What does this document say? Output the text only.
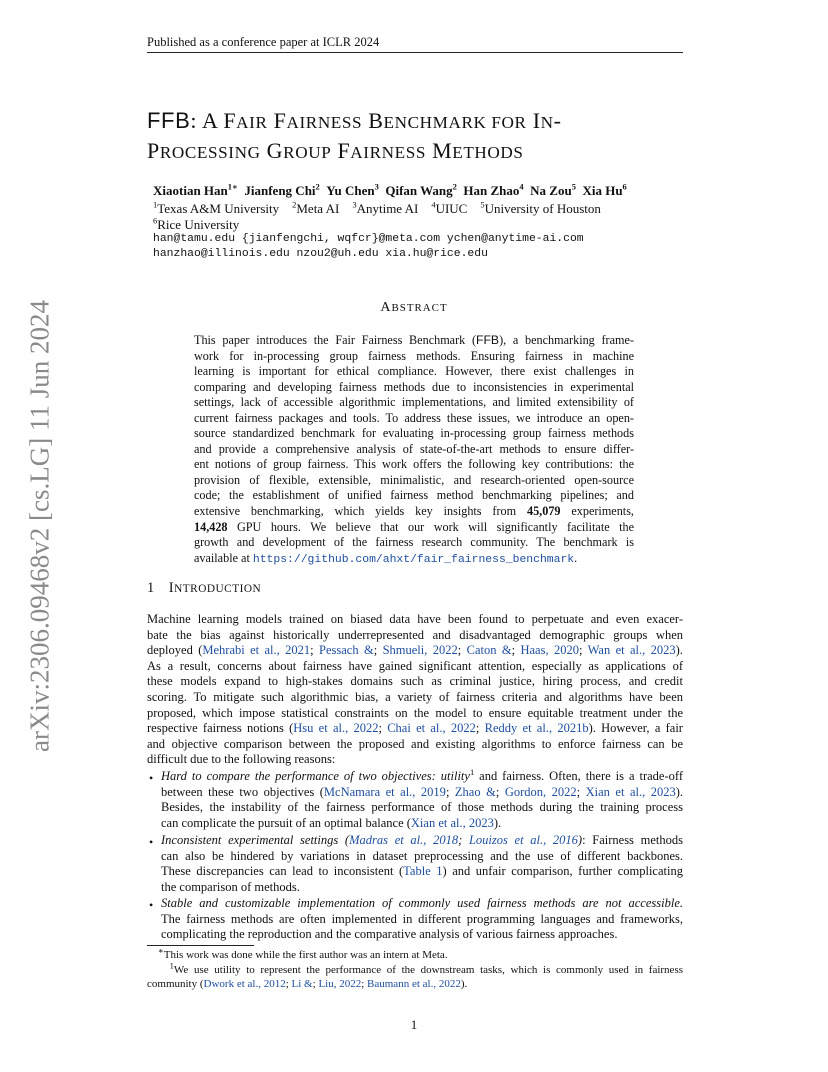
Published as a conference paper at ICLR 2024
arXiv:2306.09468v2 [cs.LG] 11 Jun 2024
FFB: A FAIR FAIRNESS BENCHMARK FOR IN-
PROCESSING GROUP FAIRNESS METHODS
Xiaotian Han$^{1∗}$ Jianfeng Chi$^2$ Yu Chen$^3$ Qifan Wang$^2$ Han Zhao$^4$ Na Zou$^5$ Xia Hu$^6$
$^1$Texas A&M University $^2$Meta AI $^3$Anytime AI $^4$UIUC $^5$University of Houston
$^6$Rice University
han@tamu.edu {jianfengchi, wqfcr}@meta.com ychen@anytime-ai.com
hanzhao@illinois.edu nzou2@uh.edu xia.hu@rice.edu
ABSTRACT
This paper introduces the Fair Fairness Benchmark (FFB), a benchmarking frame-
work for in-processing group fairness methods. Ensuring fairness in machine
learning is important for ethical compliance. However, there exist challenges in
comparing and developing fairness methods due to inconsistencies in experimental
settings, lack of accessible algorithmic implementations, and limited extensibility of
current fairness packages and tools. To address these issues, we introduce an open-
source standardized benchmark for evaluating in-processing group fairness methods
and provide a comprehensive analysis of state-of-the-art methods to ensure differ-
ent notions of group fairness. This work offers the following key contributions: the
provision of flexible, extensible, minimalistic, and research-oriented open-source
code; the establishment of unified fairness method benchmarking pipelines; and
extensive benchmarking, which yields key insights from 45,079 experiments,
14,428 GPU hours. We believe that our work will significantly facilitate the
growth and development of the fairness research community. The benchmark is
available at https://github.com/ahxt/fair_fairness_benchmark.
1 INTRODUCTION
Machine learning models trained on biased data have been found to perpetuate and even exacer-
bate the bias against historically underrepresented and disadvantaged demographic groups when
deployed (Mehrabi et al., 2021; Pessach &; Shmueli, 2022; Caton &; Haas, 2020; Wan et al., 2023).
As a result, concerns about fairness have gained significant attention, especially as applications of
these models expand to high-stakes domains such as criminal justice, hiring process, and credit
scoring. To mitigate such algorithmic bias, a variety of fairness criteria and algorithms have been
proposed, which impose statistical constraints on the model to ensure equitable treatment under the
respective fairness notions (Hsu et al., 2022; Chai et al., 2022; Reddy et al., 2021b). However, a fair
and objective comparison between the proposed and existing algorithms to enforce fairness can be
difficult due to the following reasons:
• Hard to compare the performance of two objectives: utility$^1$ and fairness. Often, there is a trade-off
between these two objectives (McNamara et al., 2019; Zhao &; Gordon, 2022; Xian et al., 2023).
Besides, the instability of the fairness performance of those methods during the training process
can complicate the pursuit of an optimal balance (Xian et al., 2023).
• Inconsistent experimental settings (Madras et al., 2018; Louizos et al., 2016): Fairness methods
can also be hindered by variations in dataset preprocessing and the use of different backbones.
These discrepancies can lead to inconsistent (Table 1) and unfair comparison, further complicating
the comparison of methods.
• Stable and customizable implementation of commonly used fairness methods are not accessible.
The fairness methods are often implemented in different programming languages and frameworks,
complicating the reproduction and the comparative analysis of various fairness approaches.
∗This work was done while the first author was an intern at Meta.
$^1$We use utility to represent the performance of the downstream tasks, which is commonly used in fairness
community (Dwork et al., 2012; Li &; Liu, 2022; Baumann et al., 2022).
1
